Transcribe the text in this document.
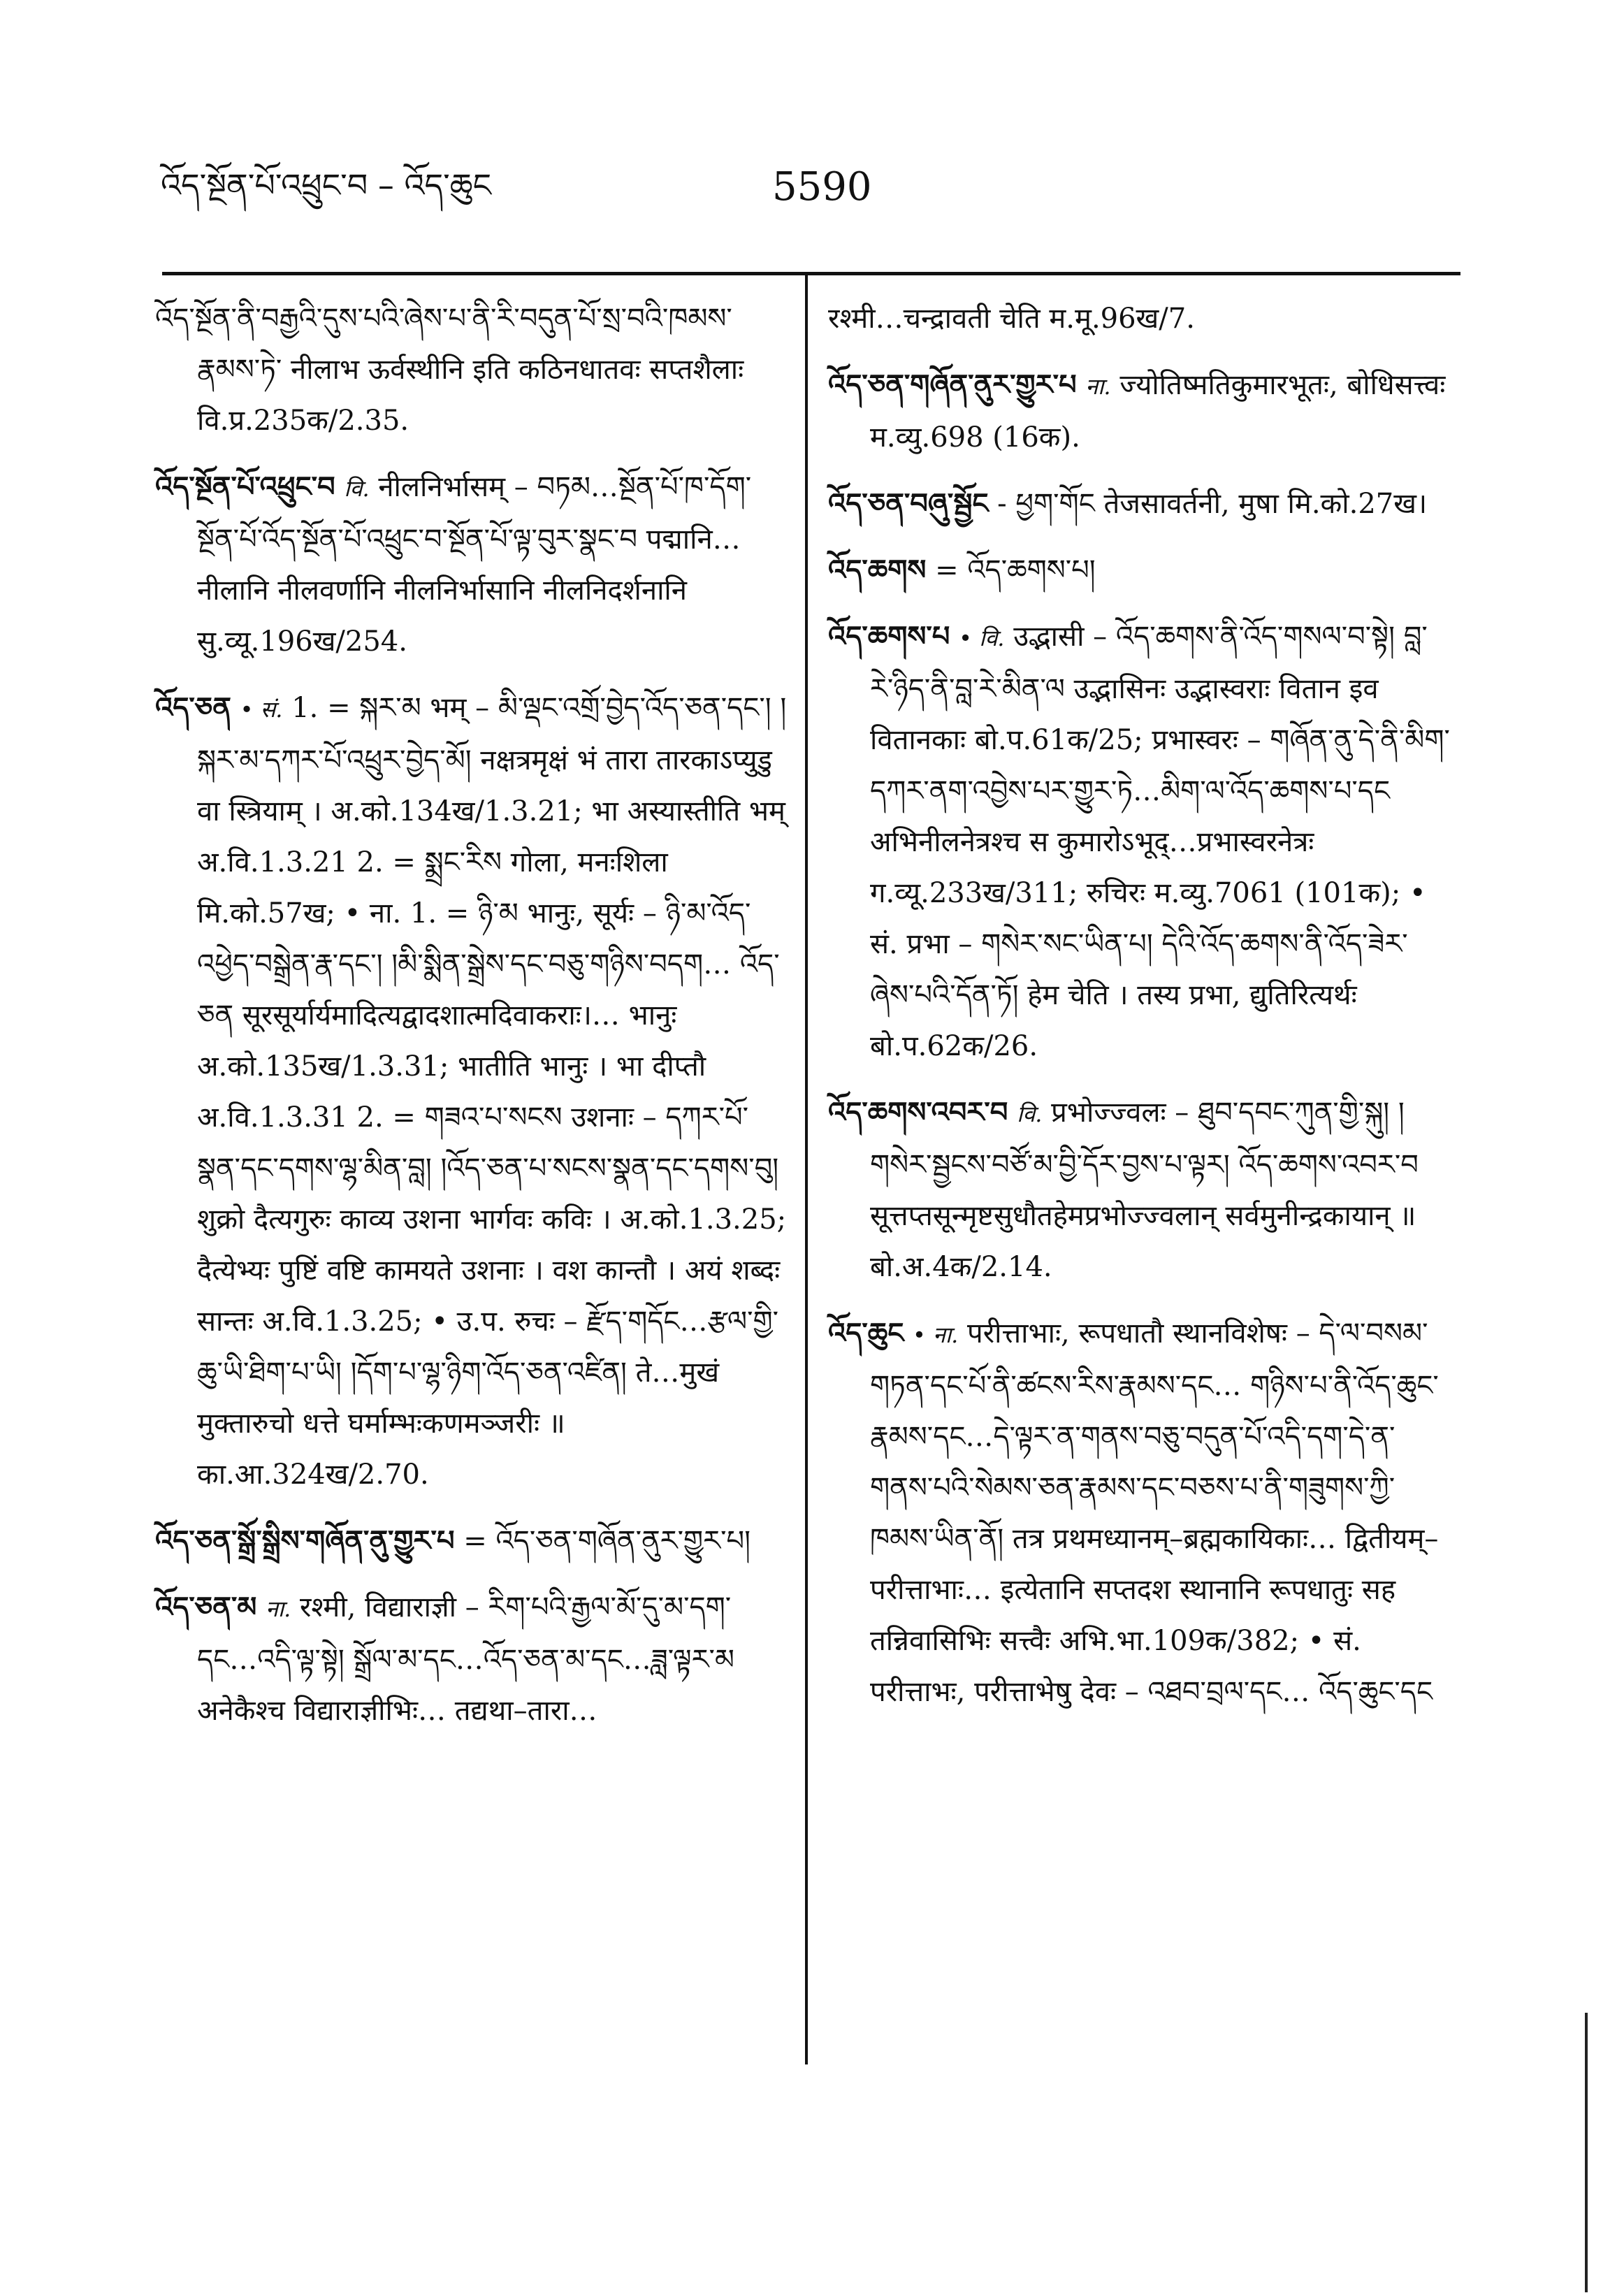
འོད་སྔོན་པོ་འཕྲུང་བ – འོད་ཆུང	5590

འོད་སྔོན་ནི་བརྒྱའི་དུས་པའི་ཞེས་པ་ནི་རི་བདུན་པོ་སྲ་བའི་ཁམས་རྣམས་ཏེ་ नीलाभ ऊर्वस्थीनि इति कठिनधातवः सप्तशैलाः वि.प्र.235क/2.35.

འོད་སྔོན་པོ་འཕྲུང་བ वि. नीलनिर्भासम् – བཏམ…སྔོན་པོ་ཁ་དོག་སྔོན་པོ་འོད་སྔོན་པོ་འཕྲུང་བ་སྔོན་པོ་ལྟ་བུར་སྣང་བ पद्मानि…नीलानि नीलवर्णानि नीलनिर्भासानि नीलनिदर्शनानि सु.व्यू.196ख/254.

འོད་ཅན • सं. 1. = སྐར་མ भम् – མི་ལྡང་འགྲོ་བྱེད་འོད་ཅན་དང་། །སྐར་མ་དཀར་པོ་འཕྲུར་བྱེད་མོ། नक्षत्रमृक्षं भं तारा तारकाऽप्युडु वा स्त्रियाम् । अ.को.134ख/1.3.21; भा अस्यास्तीति भम् अ.वि.1.3.21 2. = སྨྲང་རིས गोला, मनःशिला मि.को.57ख; • ना. 1. = ཉི་མ भानुः, सूर्यः – ཉི་མ་འོད་འཕྱེད་བསྒྲེན་རྣ་དང་། །མི་སྨིན་སྒྲེས་དང་བཅུ་གཉིས་བདག… འོད་ཅན सूरसूर्यार्यमादित्यद्वादशात्मदिवाकराः।… भानुः अ.को.135ख/1.3.31; भातीति भानुः । भा दीप्तौ अ.वि.1.3.31 2. = གཟའ་པ་སངས उशनाः – དཀར་པོ་སྣན་དང་དགས་ལྷ་མིན་བླ། །འོད་ཅན་པ་སངས་སྣན་དང་དགས་བུ། शुक्रो दैत्यगुरुः काव्य उशना भार्गवः कविः । अ.को.1.3.25; दैत्येभ्यः पुष्टिं वष्टि कामयते उशनाः । वश कान्तौ । अयं शब्दः सान्तः अ.वि.1.3.25; • उ.प. रुचः – རྫོད་གདོང…རྩལ་གྱི་ཆུ་ཡི་ཐིག་པ་ཡི། །དོག་པ་ལྷ་ཉིག་འོད་ཅན་འཛིན། ते…मुखं मुक्तारुचो धत्ते घर्माम्भःकणमञ्जरीः ॥ का.आ.324ख/2.70.

འོད་ཅན་སྒྲོ་སྒྲིས་གཞོན་ནུ་གྱུར་པ = འོད་ཅན་གཞོན་ནུར་གྱུར་པ།

འོད་ཅན་མ ना. रश्मी, विद्याराज्ञी – རིག་པའི་རྒྱལ་མོ་དུ་མ་དག་དང…འདི་ལྟ་སྟེ། སྒྲོལ་མ་དང…འོད་ཅན་མ་དང…ཟླ་ལྟར་མ अनेकैश्च विद्याराज्ञीभिः… तद्यथा–तारा…

रश्मी…चन्द्रावती चेति म.मू.96ख/7.

འོད་ཅན་གཞོན་ནུར་གྱུར་པ ना. ज्योतिष्मतिकुमारभूतः, बोधिसत्त्वः म.व्यु.698 (16क).

འོད་ཅན་བཞུ་སྦྱོང - ཕྱག་གོང तेजसावर्तनी, मुषा मि.को.27ख।

འོད་ཆགས = འོད་ཆགས་པ།

འོད་ཆགས་པ • वि. उद्भासी – འོད་ཆགས་ནི་འོད་གསལ་བ་སྟེ། བླ་རེ་ཉིད་ནི་བླ་རེ་མིན་ལ उद्भासिनः उद्भास्वराः वितान इव वितानकाः बो.प.61क/25; प्रभास्वरः – གཞོན་ནུ་དེ་ནི་མིག་དཀར་ནག་འབྱེས་པར་གྱུར་ཏེ…མིག་ལ་འོད་ཆགས་པ་དང अभिनीलनेत्रश्च स कुमारोऽभूद्…प्रभास्वरनेत्रः ग.व्यू.233ख/311; रुचिरः म.व्यु.7061 (101क); • सं. प्रभा – གསེར་སང་ཡིན་པ། དེའི་འོད་ཆགས་ནི་འོད་ཟེར་ཞེས་པའི་དོན་ཏོ། हेम चेति । तस्य प्रभा, द्युतिरित्यर्थः बो.प.62क/26.

འོད་ཆགས་འབར་བ वि. प्रभोज्ज्वलः – ཐུབ་དབང་ཀུན་གྱི་སྐུ། །གསེར་སྦྱངས་བཙོ་མ་བྱི་དོར་བྱས་པ་ལྟར། འོད་ཆགས་འབར་བ सूत्तप्तसून्मृष्टसुधौतहेमप्रभोज्ज्वलान् सर्वमुनीन्द्रकायान् ॥ बो.अ.4क/2.14.

འོད་ཆུང • ना. परीत्ताभाः, रूपधातौ स्थानविशेषः – དེ་ལ་བསམ་གཏན་དང་པོ་ནི་ཚངས་རིས་རྣམས་དང… གཉིས་པ་ནི་འོད་ཆུང་རྣམས་དང…དེ་ལྟར་ན་གནས་བཅུ་བདུན་པོ་འདི་དག་དེ་ན་གནས་པའི་སེམས་ཅན་རྣམས་དང་བཅས་པ་ནི་གཟུགས་ཀྱི་ཁམས་ཡིན་ནོ། तत्र प्रथमध्यानम्–ब्रह्मकायिकाः… द्वितीयम्–परीत्ताभाः… इत्येतानि सप्तदश स्थानानि रूपधातुः सह तन्निवासिभिः सत्त्वैः अभि.भा.109क/382; • सं. परीत्ताभः, परीत्ताभेषु देवः – འཐབ་བྲལ་དང… འོད་ཆུང་དང
